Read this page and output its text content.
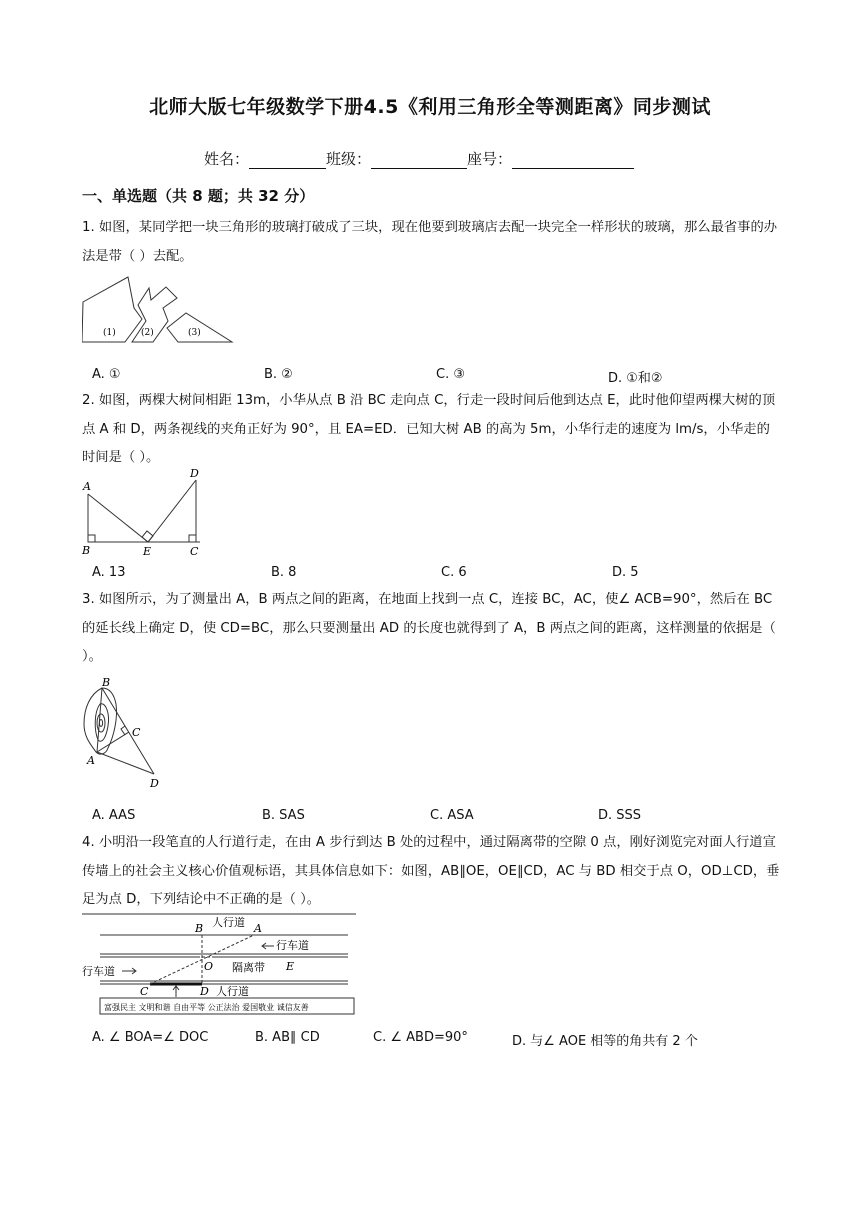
北师大版七年级数学下册4.5《利用三角形全等测距离》同步测试
姓名：	班级：	座号：
一、单选题（共 8 题；共 32 分）
1. 如图，某同学把一块三角形的玻璃打破成了三块，现在他要到玻璃店去配一块完全一样形状的玻璃，那么最省事的办法是带（ ）去配。
(1)	(2)	(3)
A. ①	B. ②	C. ③	D. ①和②
2. 如图，两棵大树间相距 13m，小华从点 B 沿 BC 走向点 C，行走一段时间后他到达点 E，此时他仰望两棵大树的顶点 A 和 D，两条视线的夹角正好为 90°，且 EA=ED．已知大树 AB 的高为 5m，小华行走的速度为 lm/s，小华走的时间是（ ）。
A
B	E	C
D
A. 13	B. 8	C. 6	D. 5
3. 如图所示，为了测量出 A，B 两点之间的距离，在地面上找到一点 C，连接 BC，AC，使∠ ACB=90°，然后在 BC 的延长线上确定 D，使 CD=BC，那么只要测量出 AD 的长度也就得到了 A，B 两点之间的距离，这样测量的依据是（ ）。
B
C
A
D
A. AAS	B. SAS	C. ASA	D. SSS
4. 小明沿一段笔直的人行道行走，在由 A 步行到达 B 处的过程中，通过隔离带的空隙 0 点，刚好浏览完对面人行道宣传墙上的社会主义核心价值观标语，其具体信息如下：如图，AB∥OE，OE∥CD，AC 与 BD 相交于点 O，OD⊥CD，垂足为点 D，下列结论中不正确的是（ ）。
B 人行道 A
行车道
O 隔离带 E
行车道
C	D 人行道
富强民主 文明和谐 自由平等 公正法治 爱国敬业 诚信友善
A. ∠ BOA=∠ DOC	B. AB∥ CD	C. ∠ ABD=90°	D. 与∠ AOE 相等的角共有 2 个
